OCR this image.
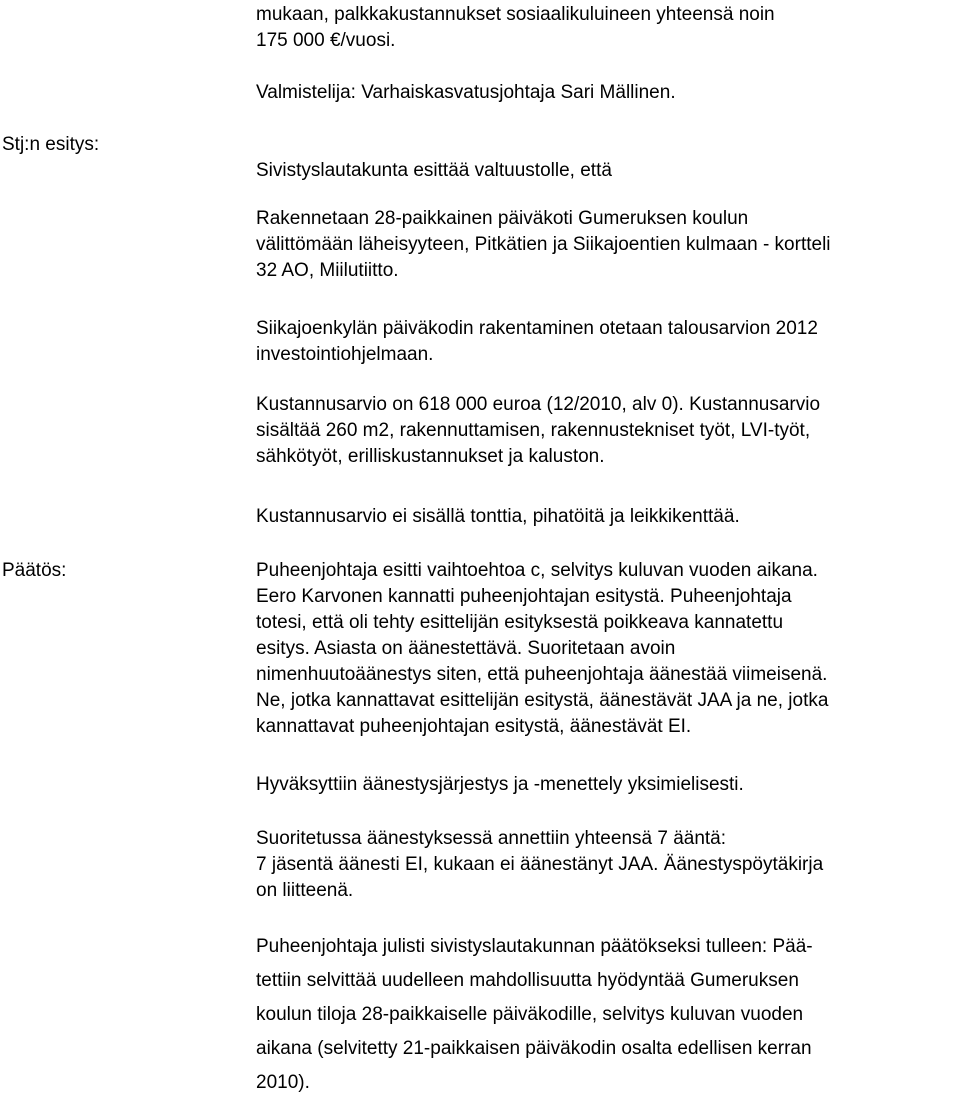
mukaan, palkkakustannukset sosiaalikuluineen yhteensä noin
175 000 €/vuosi.
Valmistelija: Varhaiskasvatusjohtaja Sari Mällinen.
Stj:n esitys:
Sivistyslautakunta esittää valtuustolle, että
Rakennetaan 28-paikkainen päiväkoti Gumeruksen koulun
välittömään läheisyyteen, Pitkätien ja Siikajoentien kulmaan - kortteli
32 AO, Miilutiitto.
Siikajoenkylän päiväkodin rakentaminen otetaan talousarvion 2012
investointiohjelmaan.
Kustannusarvio on 618 000 euroa (12/2010, alv 0). Kustannusarvio
sisältää 260 m2, rakennuttamisen, rakennustekniset työt, LVI-työt,
sähkötyöt, erilliskustannukset ja kaluston.
Kustannusarvio ei sisällä tonttia, pihatöitä ja leikkikenttää.
Päätös:	Puheenjohtaja esitti vaihtoehtoa c, selvitys kuluvan vuoden aikana.
Eero Karvonen kannatti puheenjohtajan esitystä. Puheenjohtaja
totesi, että oli tehty esittelijän esityksestä poikkeava kannatettu
esitys. Asiasta on äänestettävä. Suoritetaan avoin
nimenhuutoäänestys siten, että puheenjohtaja äänestää viimeisenä.
Ne, jotka kannattavat esittelijän esitystä, äänestävät JAA ja ne, jotka
kannattavat puheenjohtajan esitystä, äänestävät EI.
Hyväksyttiin äänestysjärjestys ja -menettely yksimielisesti.
Suoritetussa äänestyksessä annettiin yhteensä 7 ääntä:
7 jäsentä äänesti EI, kukaan ei äänestänyt JAA. Äänestyspöytäkirja
on liitteenä.
Puheenjohtaja julisti sivistyslautakunnan päätökseksi tulleen: Pää-
tettiin selvittää uudelleen mahdollisuutta hyödyntää Gumeruksen
koulun tiloja 28-paikkaiselle päiväkodille, selvitys kuluvan vuoden
aikana (selvitetty 21-paikkaisen päiväkodin osalta edellisen kerran
2010).
